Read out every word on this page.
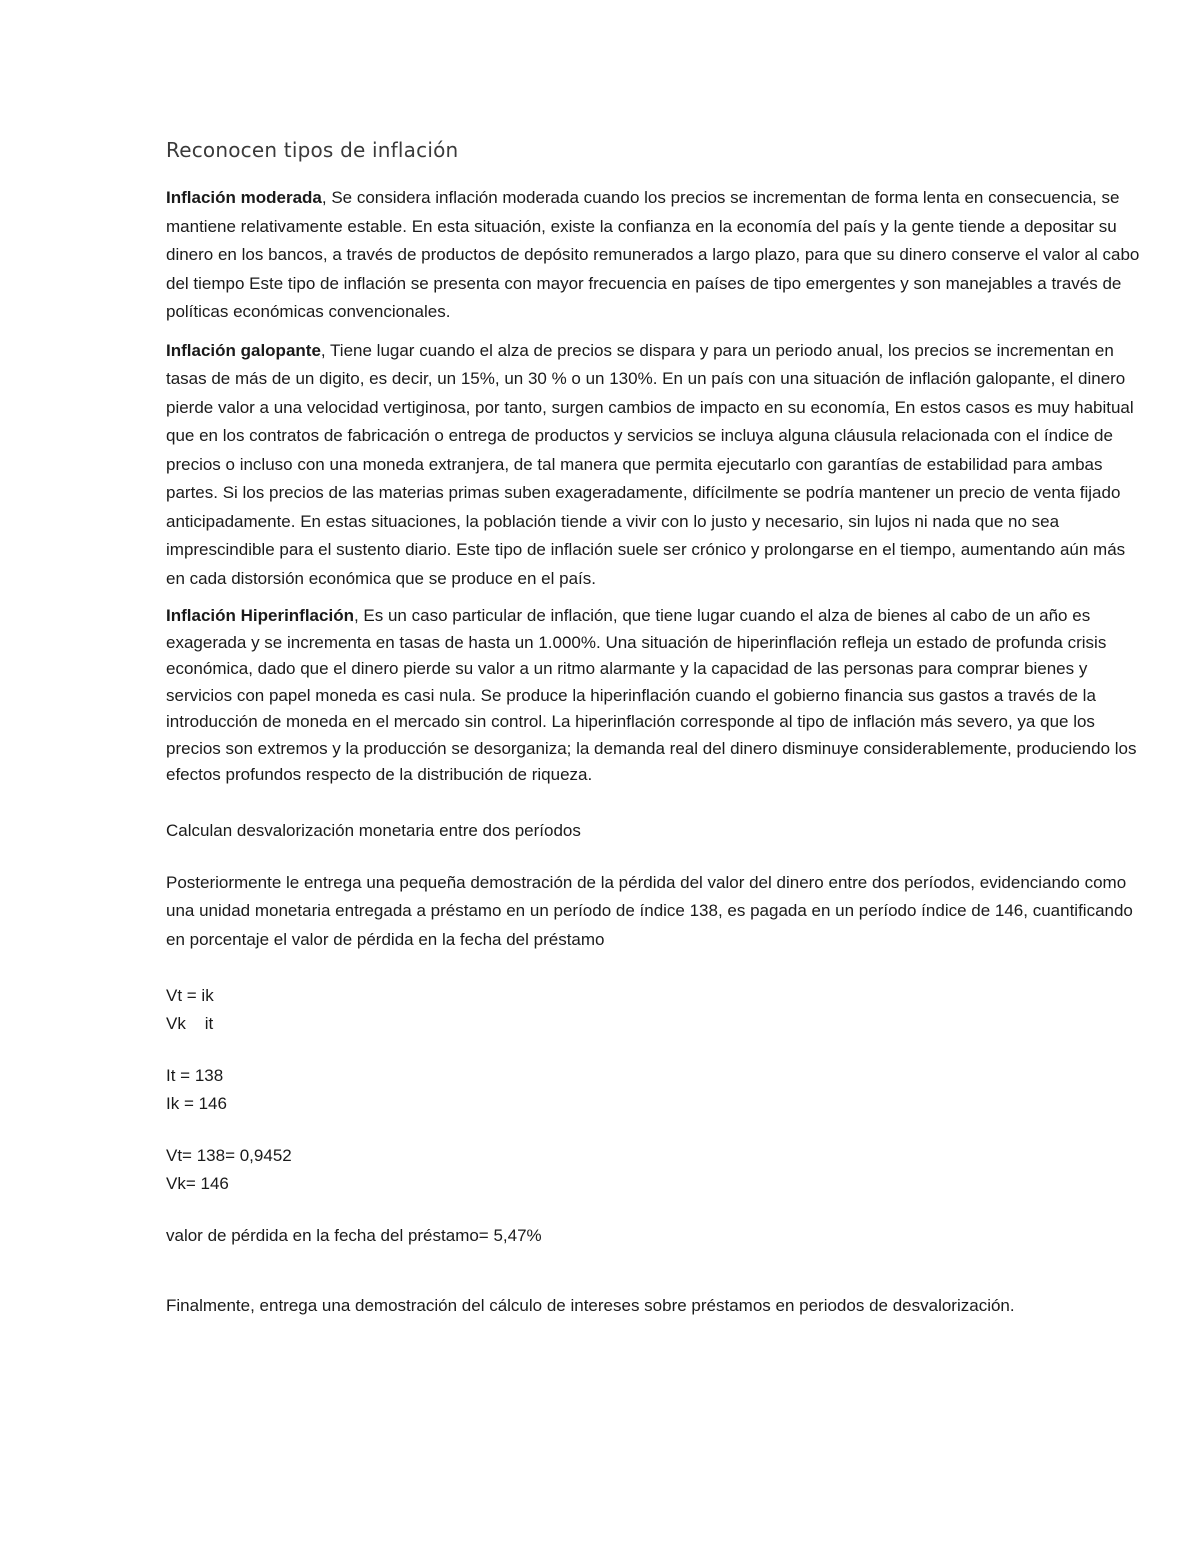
Reconocen tipos de inflación

Inflación moderada, Se considera inflación moderada cuando los precios se incrementan de forma lenta en consecuencia, se mantiene relativamente estable. En esta situación, existe la confianza en la economía del país y la gente tiende a depositar su dinero en los bancos, a través de productos de depósito remunerados a largo plazo, para que su dinero conserve el valor al cabo del tiempo Este tipo de inflación se presenta con mayor frecuencia en países de tipo emergentes y son manejables a través de políticas económicas convencionales.

Inflación galopante, Tiene lugar cuando el alza de precios se dispara y para un periodo anual, los precios se incrementan en tasas de más de un digito, es decir, un 15%, un 30 % o un 130%. En un país con una situación de inflación galopante, el dinero pierde valor a una velocidad vertiginosa, por tanto, surgen cambios de impacto en su economía, En estos casos es muy habitual que en los contratos de fabricación o entrega de productos y servicios se incluya alguna cláusula relacionada con el índice de precios o incluso con una moneda extranjera, de tal manera que permita ejecutarlo con garantías de estabilidad para ambas partes. Si los precios de las materias primas suben exageradamente, difícilmente se podría mantener un precio de venta fijado anticipadamente. En estas situaciones, la población tiende a vivir con lo justo y necesario, sin lujos ni nada que no sea imprescindible para el sustento diario. Este tipo de inflación suele ser crónico y prolongarse en el tiempo, aumentando aún más en cada distorsión económica que se produce en el país.

Inflación Hiperinflación, Es un caso particular de inflación, que tiene lugar cuando el alza de bienes al cabo de un año es exagerada y se incrementa en tasas de hasta un 1.000%. Una situación de hiperinflación refleja un estado de profunda crisis económica, dado que el dinero pierde su valor a un ritmo alarmante y la capacidad de las personas para comprar bienes y servicios con papel moneda es casi nula. Se produce la hiperinflación cuando el gobierno financia sus gastos a través de la introducción de moneda en el mercado sin control. La hiperinflación corresponde al tipo de inflación más severo, ya que los precios son extremos y la producción se desorganiza; la demanda real del dinero disminuye considerablemente, produciendo los efectos profundos respecto de la distribución de riqueza.

Calculan desvalorización monetaria entre dos períodos

Posteriormente le entrega una pequeña demostración de la pérdida del valor del dinero entre dos períodos, evidenciando como una unidad monetaria entregada a préstamo en un período de índice 138, es pagada en un período índice de 146, cuantificando en porcentaje el valor de pérdida en la fecha del préstamo

Vt = ik
Vk    it
It = 138
Ik = 146
Vt= 138= 0,9452
Vk= 146

valor de pérdida en la fecha del préstamo= 5,47%

Finalmente, entrega una demostración del cálculo de intereses sobre préstamos en periodos de desvalorización.
